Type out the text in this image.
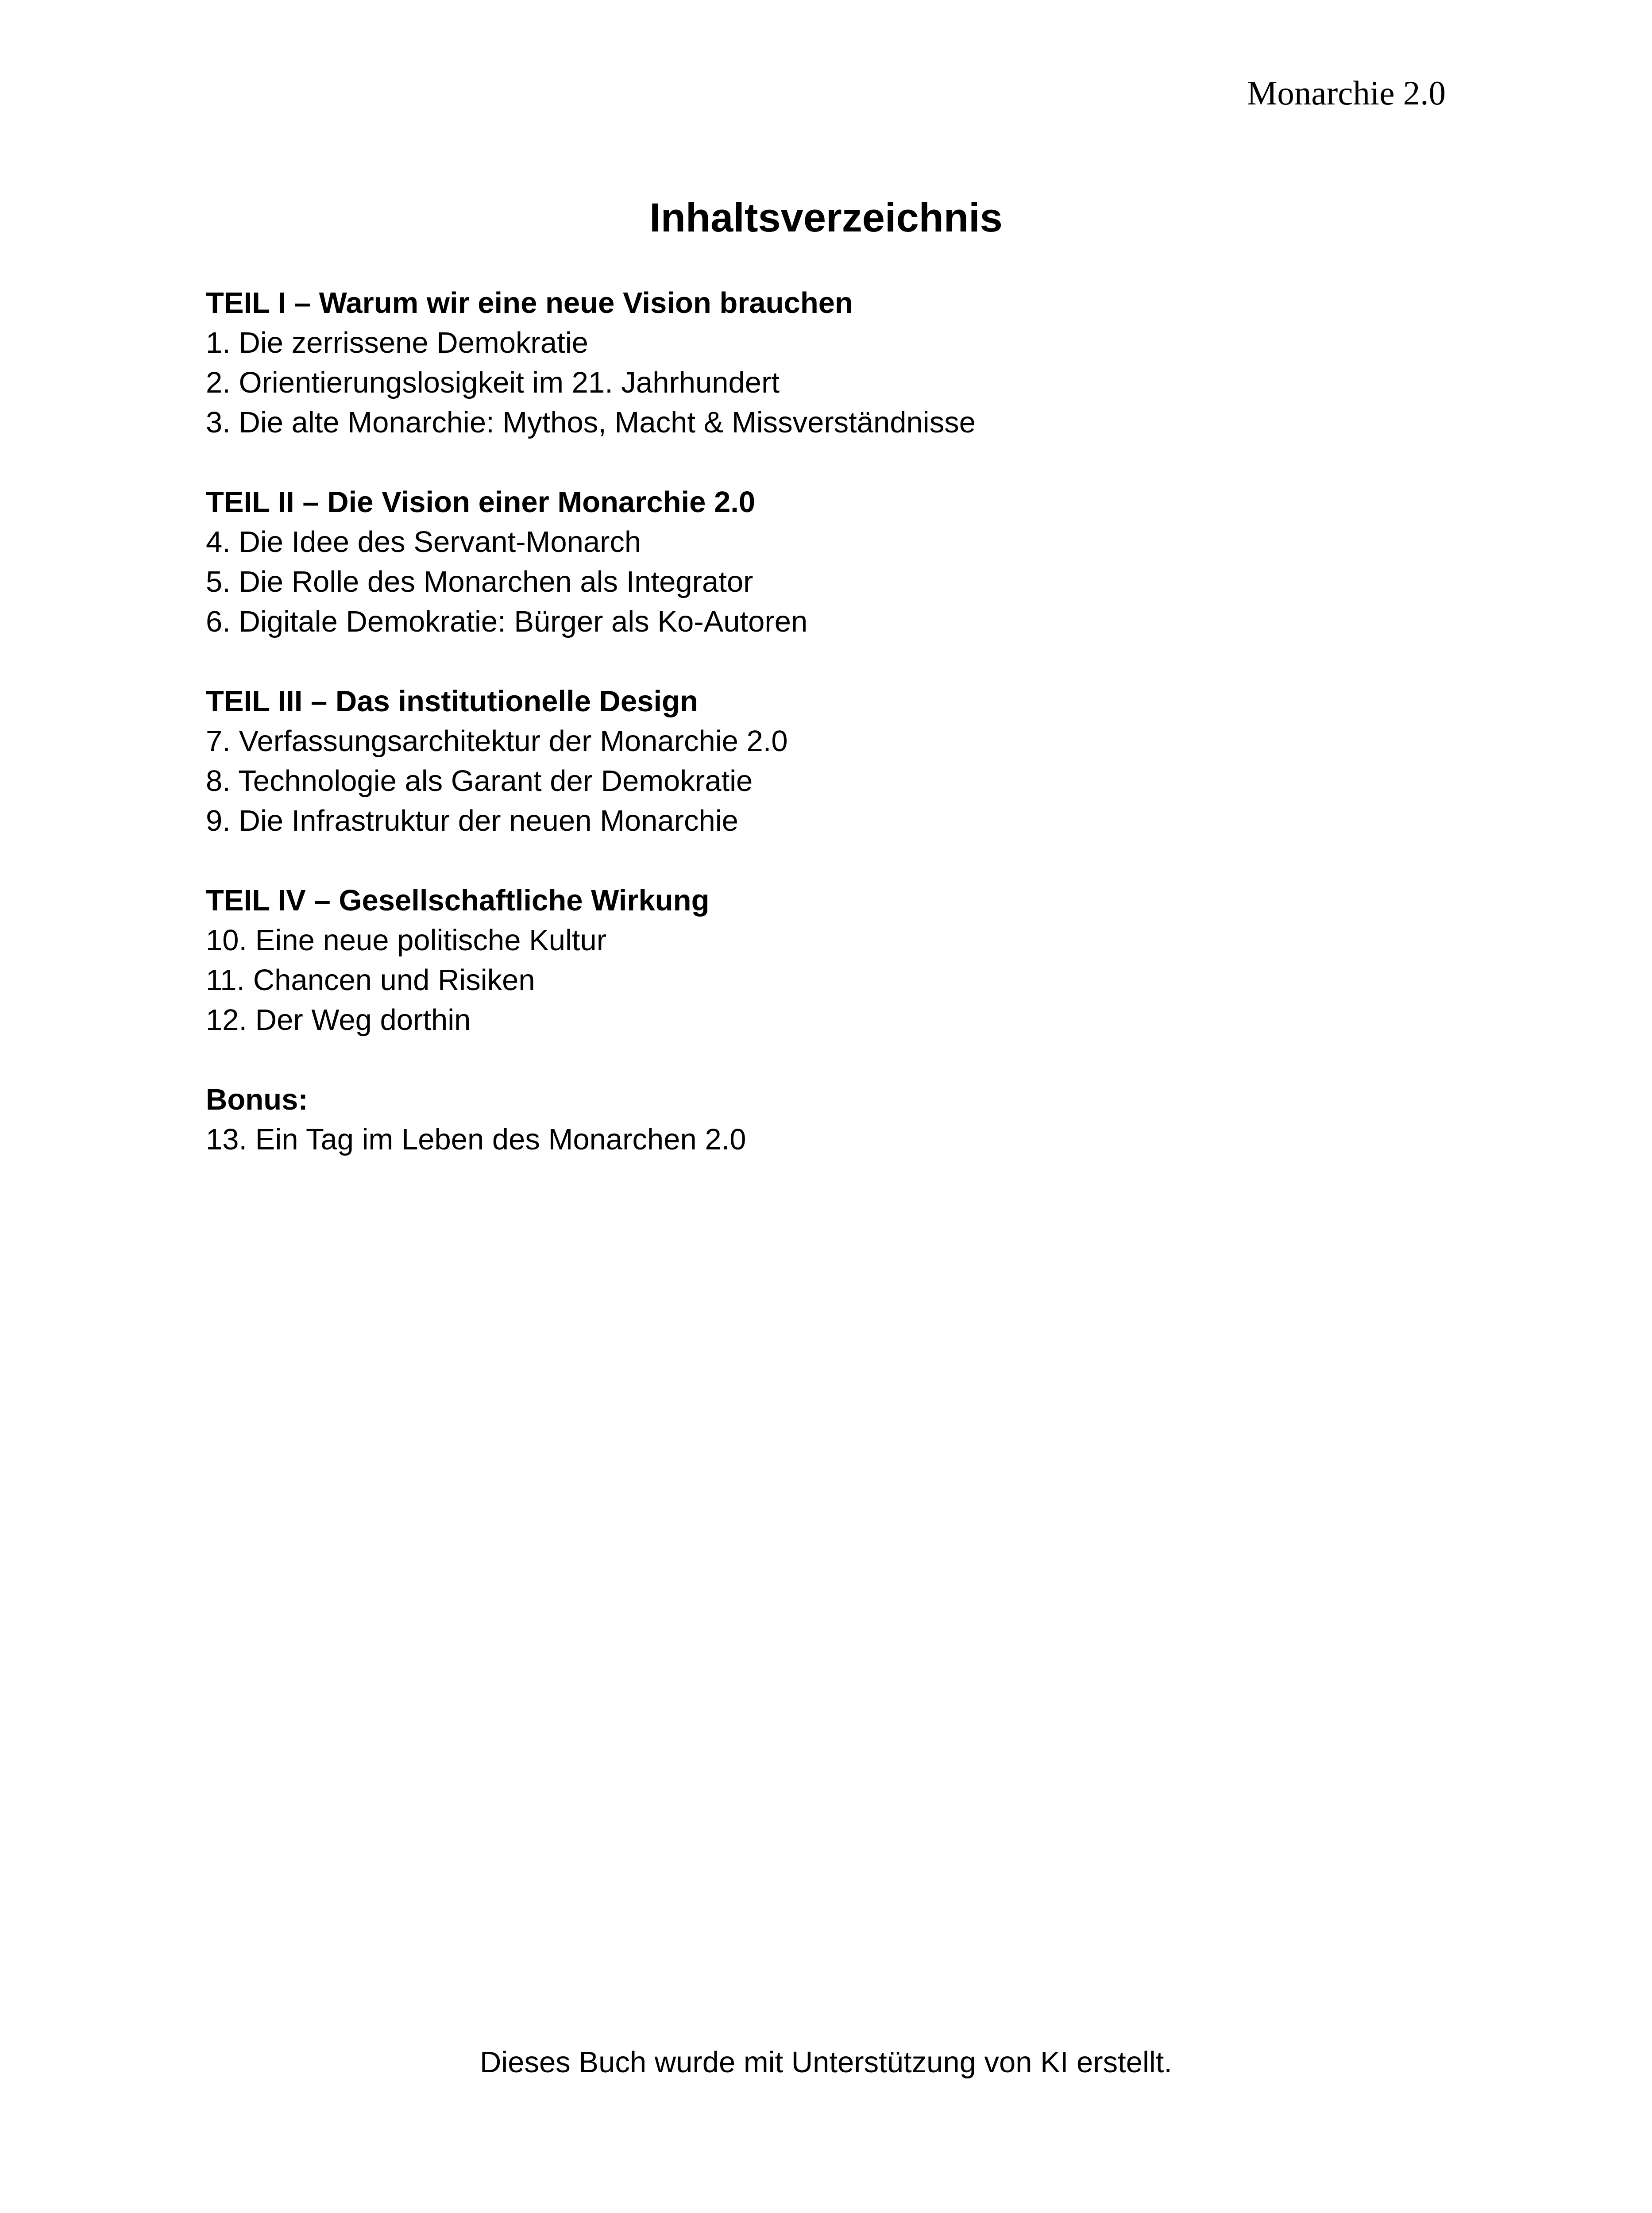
Monarchie 2.0
Inhaltsverzeichnis
TEIL I – Warum wir eine neue Vision brauchen
1. Die zerrissene Demokratie
2. Orientierungslosigkeit im 21. Jahrhundert
3. Die alte Monarchie: Mythos, Macht & Missverständnisse
TEIL II – Die Vision einer Monarchie 2.0
4. Die Idee des Servant-Monarch
5. Die Rolle des Monarchen als Integrator
6. Digitale Demokratie: Bürger als Ko-Autoren
TEIL III – Das institutionelle Design
7. Verfassungsarchitektur der Monarchie 2.0
8. Technologie als Garant der Demokratie
9. Die Infrastruktur der neuen Monarchie
TEIL IV – Gesellschaftliche Wirkung
10. Eine neue politische Kultur
11. Chancen und Risiken
12. Der Weg dorthin
Bonus:
13. Ein Tag im Leben des Monarchen 2.0
Dieses Buch wurde mit Unterstützung von KI erstellt.
